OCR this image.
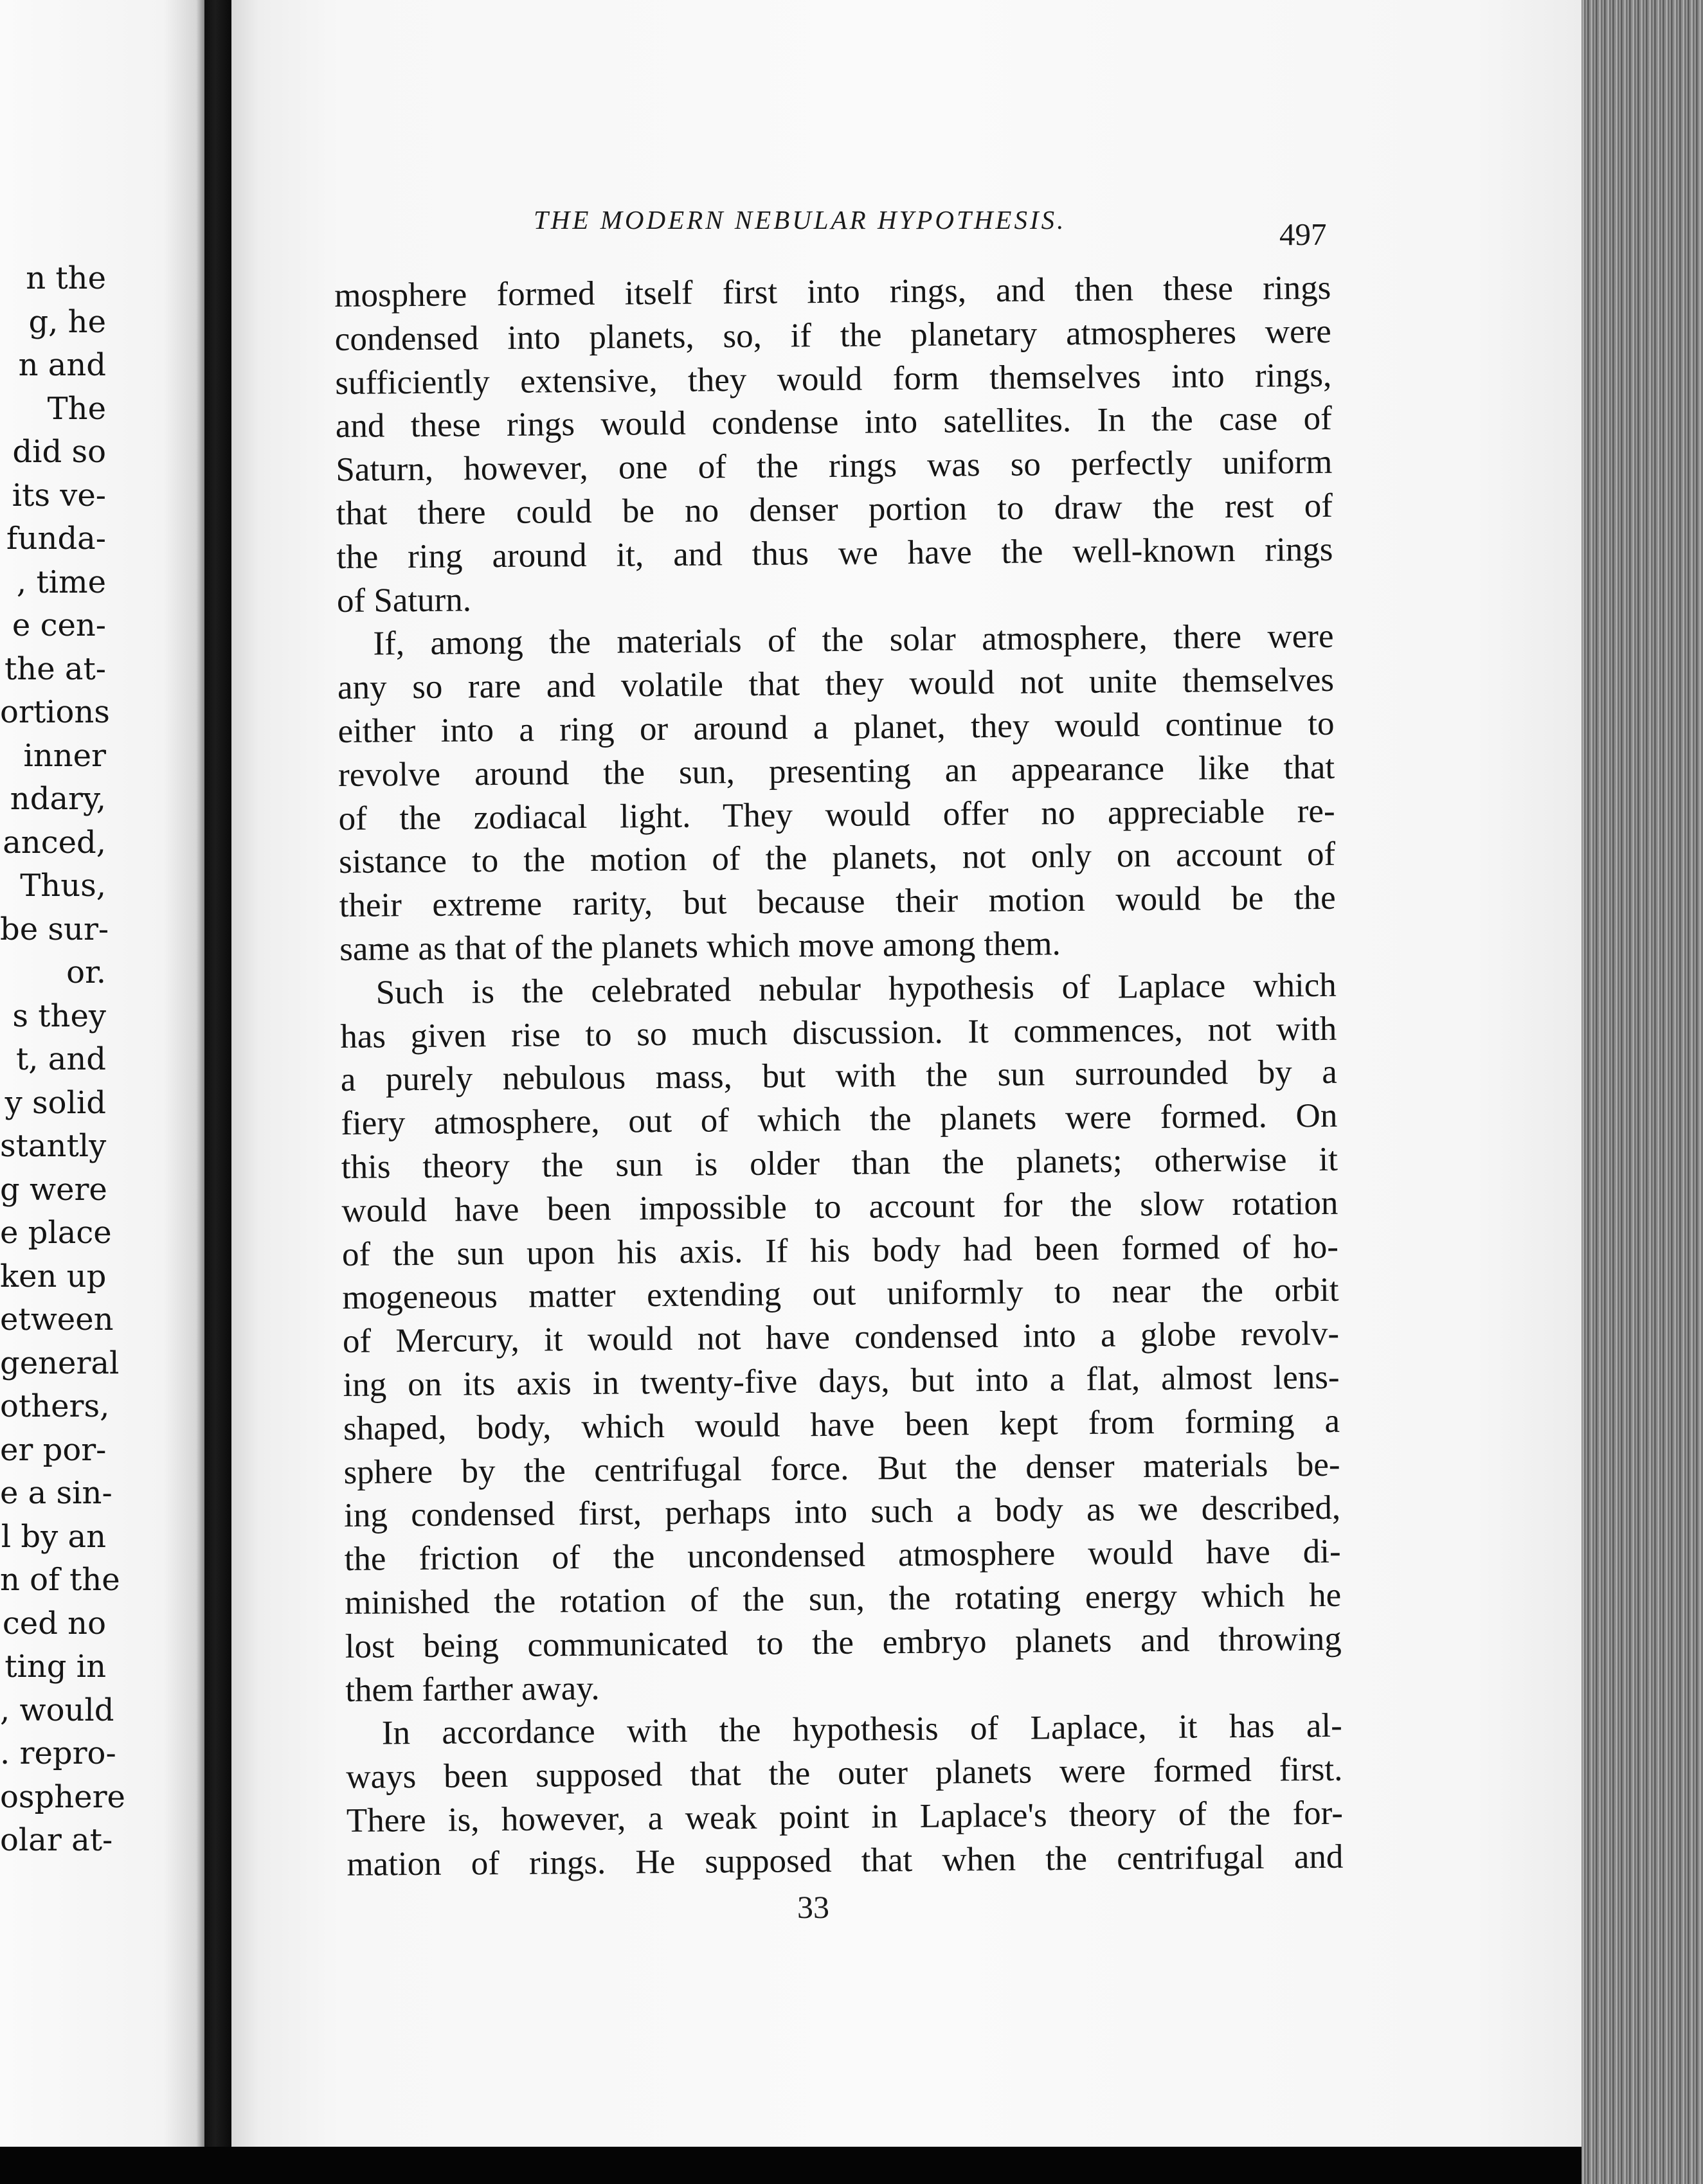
n the
g, he
n and
The
did so
its ve-
funda-
, time
e cen-
the at-
ortions
inner
ndary,
anced,
Thus,
be sur-
or.
s they
t, and
y solid
stantly
g were
e place
ken up
etween
general
others,
er por-
e a sin-
l by an
n of the
ced no
ting in
, would
. repro-
osphere
olar at-
THE MODERN NEBULAR HYPOTHESIS.	497
mosphere formed itself first into rings, and then these rings
condensed into planets, so, if the planetary atmospheres were
sufficiently extensive, they would form themselves into rings,
and these rings would condense into satellites. In the case of
Saturn, however, one of the rings was so perfectly uniform
that there could be no denser portion to draw the rest of
the ring around it, and thus we have the well-known rings
of Saturn.
If, among the materials of the solar atmosphere, there were
any so rare and volatile that they would not unite themselves
either into a ring or around a planet, they would continue to
revolve around the sun, presenting an appearance like that
of the zodiacal light. They would offer no appreciable re-
sistance to the motion of the planets, not only on account of
their extreme rarity, but because their motion would be the
same as that of the planets which move among them.
Such is the celebrated nebular hypothesis of Laplace which
has given rise to so much discussion. It commences, not with
a purely nebulous mass, but with the sun surrounded by a
fiery atmosphere, out of which the planets were formed. On
this theory the sun is older than the planets; otherwise it
would have been impossible to account for the slow rotation
of the sun upon his axis. If his body had been formed of ho-
mogeneous matter extending out uniformly to near the orbit
of Mercury, it would not have condensed into a globe revolv-
ing on its axis in twenty-five days, but into a flat, almost lens-
shaped, body, which would have been kept from forming a
sphere by the centrifugal force. But the denser materials be-
ing condensed first, perhaps into such a body as we described,
the friction of the uncondensed atmosphere would have di-
minished the rotation of the sun, the rotating energy which he
lost being communicated to the embryo planets and throwing
them farther away.
In accordance with the hypothesis of Laplace, it has al-
ways been supposed that the outer planets were formed first.
There is, however, a weak point in Laplace's theory of the for-
mation of rings. He supposed that when the centrifugal and
33
